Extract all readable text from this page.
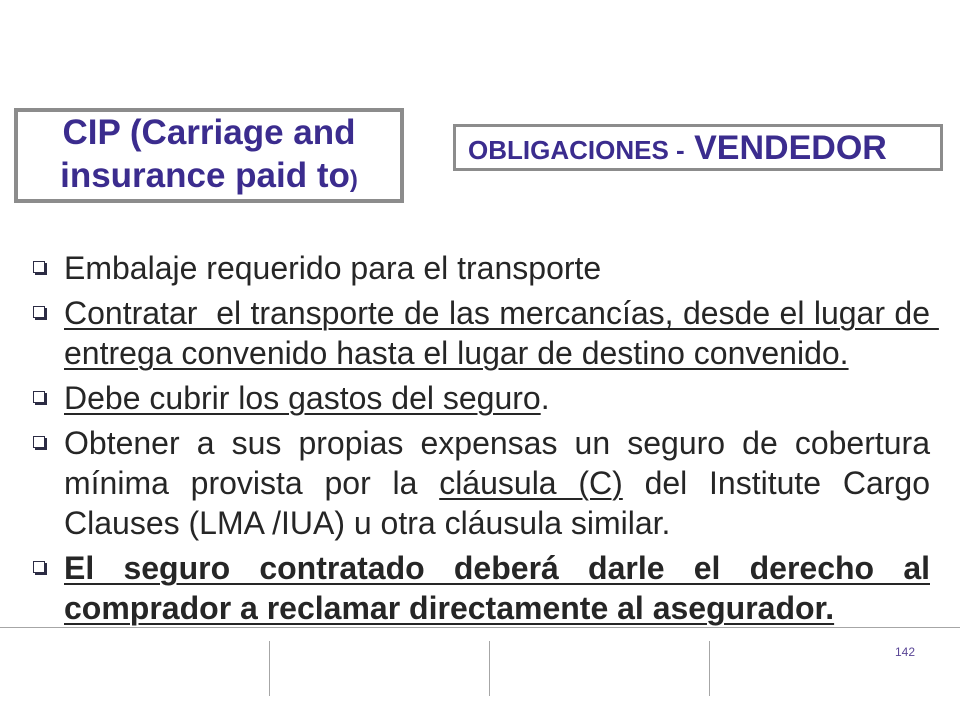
CIP (Carriage and insurance paid to)

OBLIGACIONES - VENDEDOR
Embalaje requerido para el transporte
Contratar  el transporte de las mercancías, desde el lugar de entrega convenido hasta el lugar de destino convenido.
Debe cubrir los gastos del seguro.
Obtener a sus propias expensas un seguro de cobertura mínima provista por la cláusula (C) del Institute Cargo Clauses (LMA /IUA) u otra cláusula similar.
El seguro contratado deberá darle el derecho al comprador a reclamar directamente al asegurador.
142
